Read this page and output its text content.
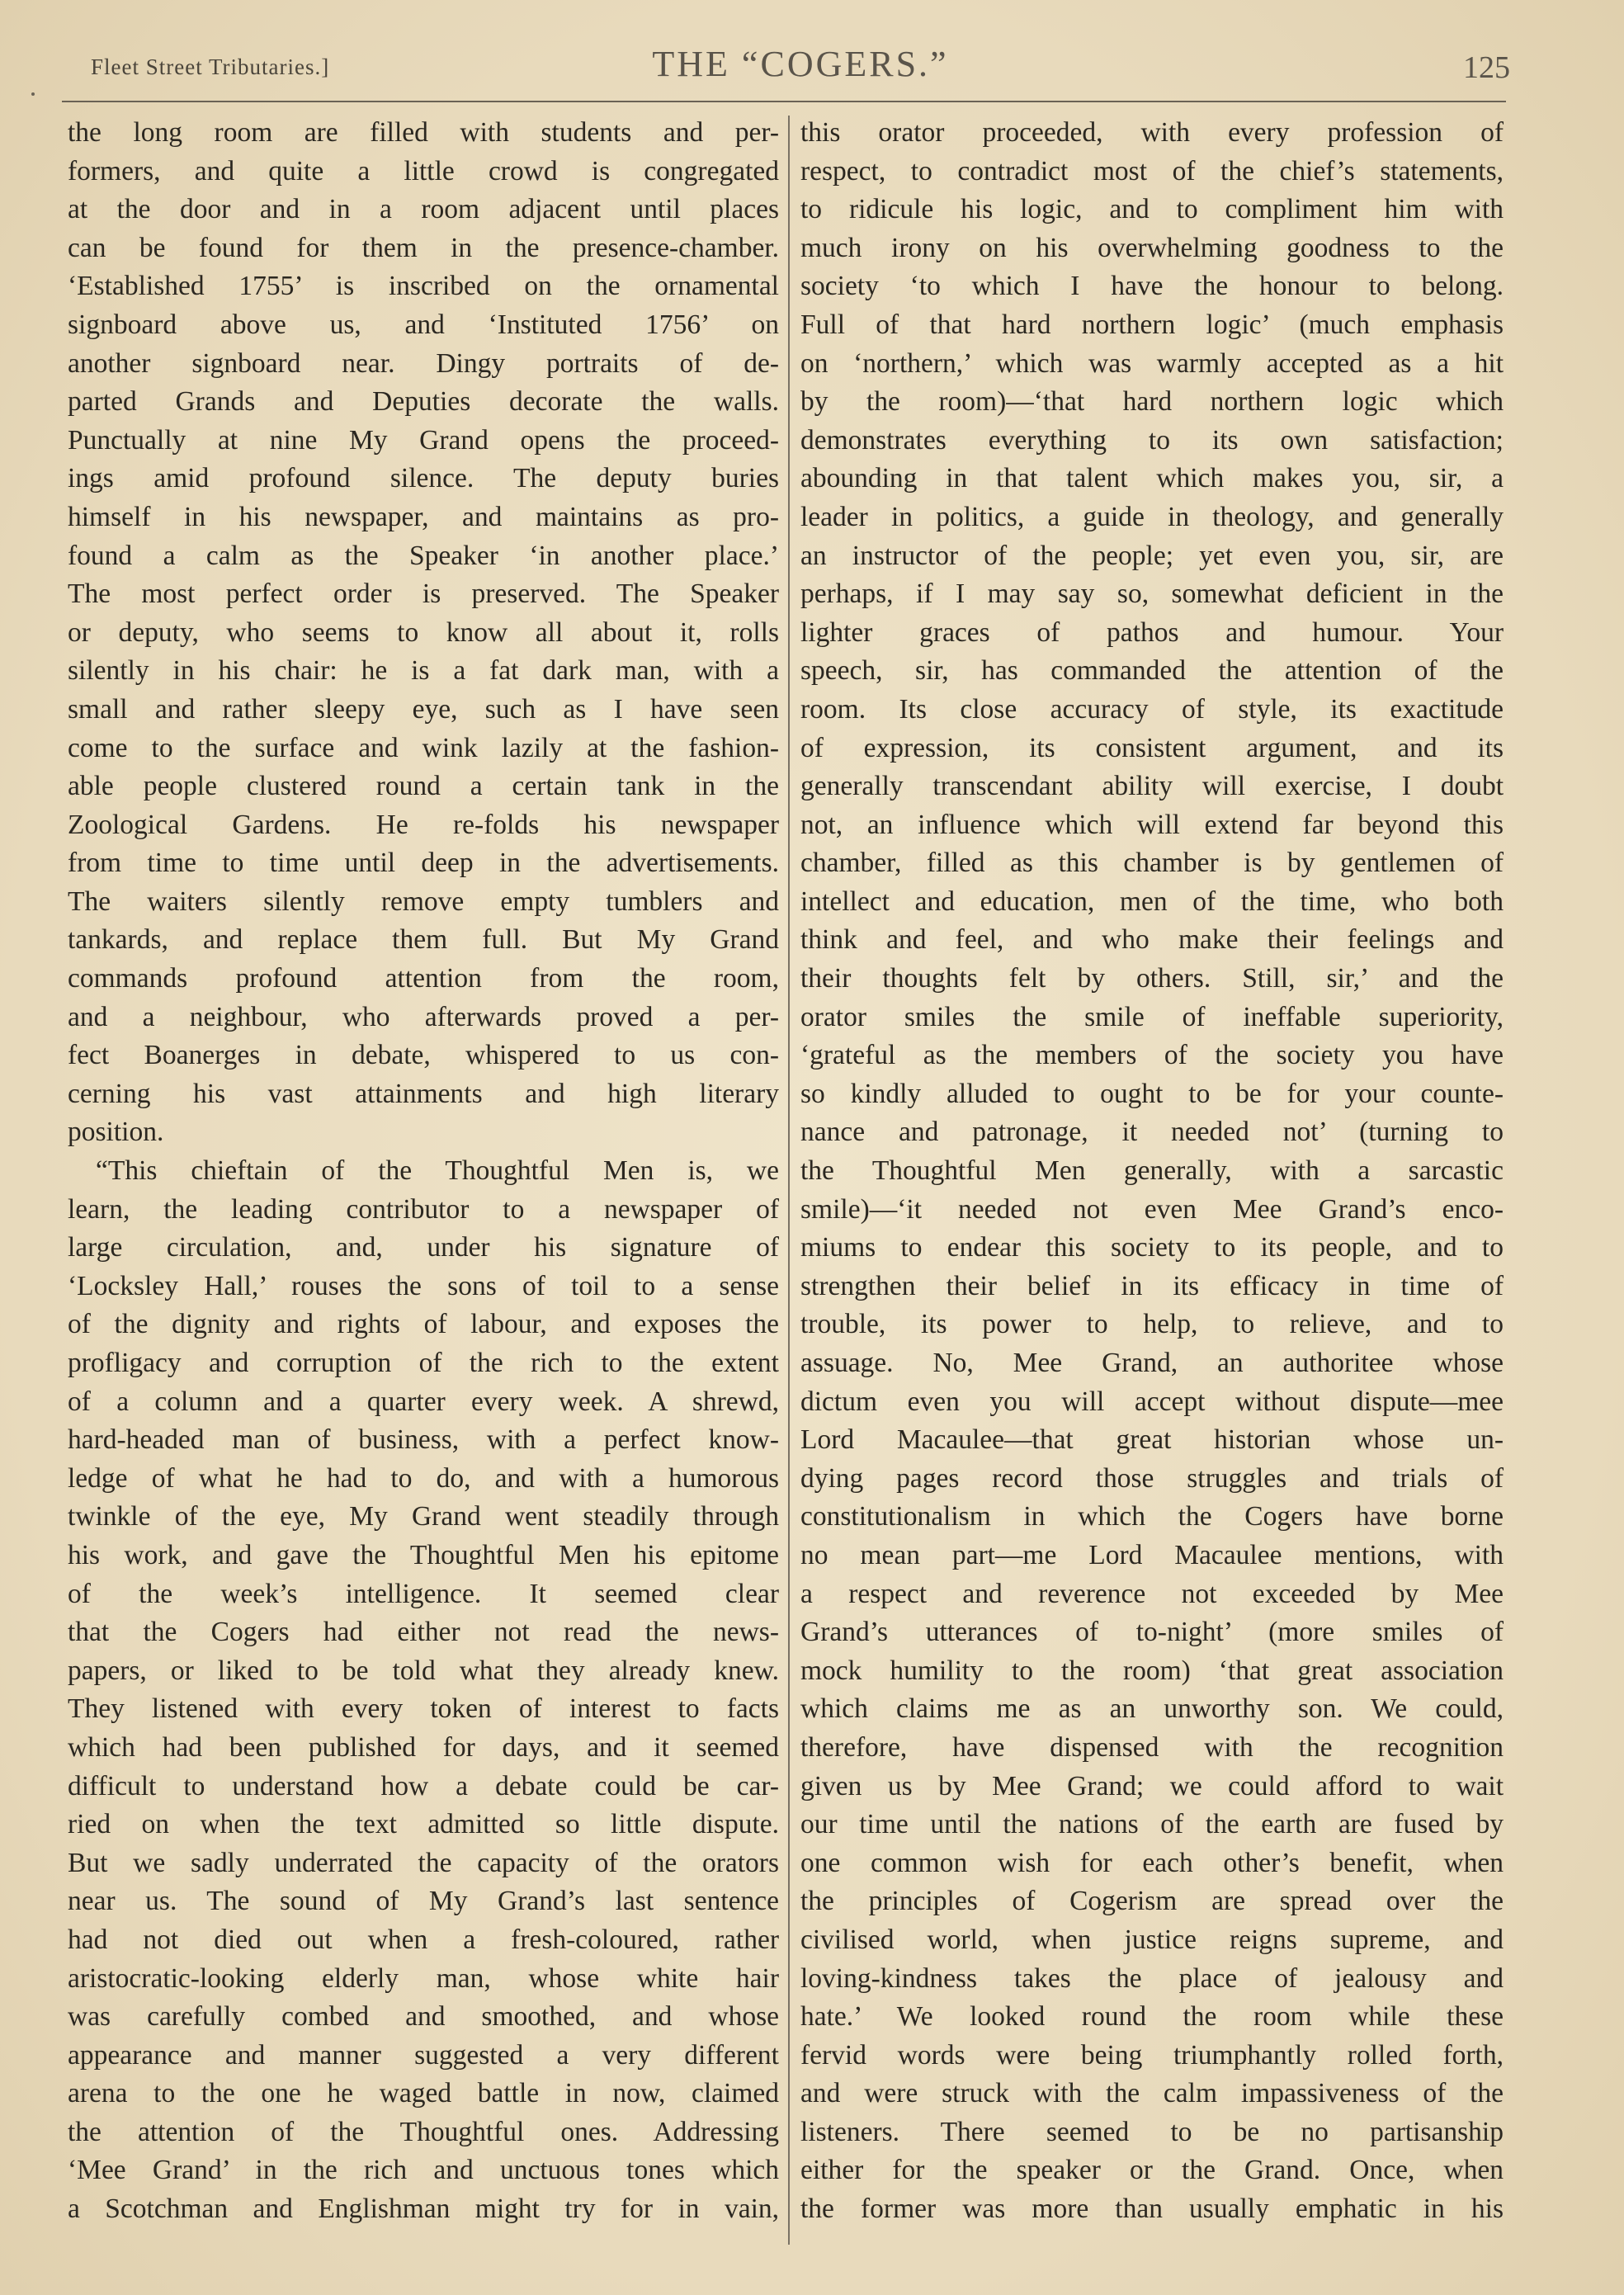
Fleet Street Tributaries.]	THE “COGERS.”	125
the long room are filled with students and per-
formers, and quite a little crowd is congregated
at the door and in a room adjacent until places
can be found for them in the presence-chamber.
‘Established 1755’ is inscribed on the ornamental
signboard above us, and ‘Instituted 1756’ on
another signboard near. Dingy portraits of de-
parted Grands and Deputies decorate the walls.
Punctually at nine My Grand opens the proceed-
ings amid profound silence. The deputy buries
himself in his newspaper, and maintains as pro-
found a calm as the Speaker ‘in another place.’
The most perfect order is preserved. The Speaker
or deputy, who seems to know all about it, rolls
silently in his chair: he is a fat dark man, with a
small and rather sleepy eye, such as I have seen
come to the surface and wink lazily at the fashion-
able people clustered round a certain tank in the
Zoological Gardens. He re-folds his newspaper
from time to time until deep in the advertisements.
The waiters silently remove empty tumblers and
tankards, and replace them full. But My Grand
commands profound attention from the room,
and a neighbour, who afterwards proved a per-
fect Boanerges in debate, whispered to us con-
cerning his vast attainments and high literary
position.
“This chieftain of the Thoughtful Men is, we
learn, the leading contributor to a newspaper of
large circulation, and, under his signature of
‘Locksley Hall,’ rouses the sons of toil to a sense
of the dignity and rights of labour, and exposes the
profligacy and corruption of the rich to the extent
of a column and a quarter every week. A shrewd,
hard-headed man of business, with a perfect know-
ledge of what he had to do, and with a humorous
twinkle of the eye, My Grand went steadily through
his work, and gave the Thoughtful Men his epitome
of the week’s intelligence. It seemed clear
that the Cogers had either not read the news-
papers, or liked to be told what they already knew.
They listened with every token of interest to facts
which had been published for days, and it seemed
difficult to understand how a debate could be car-
ried on when the text admitted so little dispute.
But we sadly underrated the capacity of the orators
near us. The sound of My Grand’s last sentence
had not died out when a fresh-coloured, rather
aristocratic-looking elderly man, whose white hair
was carefully combed and smoothed, and whose
appearance and manner suggested a very different
arena to the one he waged battle in now, claimed
the attention of the Thoughtful ones. Addressing
‘Mee Grand’ in the rich and unctuous tones which
a Scotchman and Englishman might try for in vain,
this orator proceeded, with every profession of
respect, to contradict most of the chief’s statements,
to ridicule his logic, and to compliment him with
much irony on his overwhelming goodness to the
society ‘to which I have the honour to belong.
Full of that hard northern logic’ (much emphasis
on ‘northern,’ which was warmly accepted as a hit
by the room)—‘that hard northern logic which
demonstrates everything to its own satisfaction;
abounding in that talent which makes you, sir, a
leader in politics, a guide in theology, and generally
an instructor of the people; yet even you, sir, are
perhaps, if I may say so, somewhat deficient in the
lighter graces of pathos and humour. Your
speech, sir, has commanded the attention of the
room. Its close accuracy of style, its exactitude
of expression, its consistent argument, and its
generally transcendant ability will exercise, I doubt
not, an influence which will extend far beyond this
chamber, filled as this chamber is by gentlemen of
intellect and education, men of the time, who both
think and feel, and who make their feelings and
their thoughts felt by others. Still, sir,’ and the
orator smiles the smile of ineffable superiority,
‘grateful as the members of the society you have
so kindly alluded to ought to be for your counte-
nance and patronage, it needed not’ (turning to
the Thoughtful Men generally, with a sarcastic
smile)—‘it needed not even Mee Grand’s enco-
miums to endear this society to its people, and to
strengthen their belief in its efficacy in time of
trouble, its power to help, to relieve, and to
assuage. No, Mee Grand, an authoritee whose
dictum even you will accept without dispute—mee
Lord Macaulee—that great historian whose un-
dying pages record those struggles and trials of
constitutionalism in which the Cogers have borne
no mean part—me Lord Macaulee mentions, with
a respect and reverence not exceeded by Mee
Grand’s utterances of to-night’ (more smiles of
mock humility to the room) ‘that great association
which claims me as an unworthy son. We could,
therefore, have dispensed with the recognition
given us by Mee Grand; we could afford to wait
our time until the nations of the earth are fused by
one common wish for each other’s benefit, when
the principles of Cogerism are spread over the
civilised world, when justice reigns supreme, and
loving-kindness takes the place of jealousy and
hate.’ We looked round the room while these
fervid words were being triumphantly rolled forth,
and were struck with the calm impassiveness of the
listeners. There seemed to be no partisanship
either for the speaker or the Grand. Once, when
the former was more than usually emphatic in his
